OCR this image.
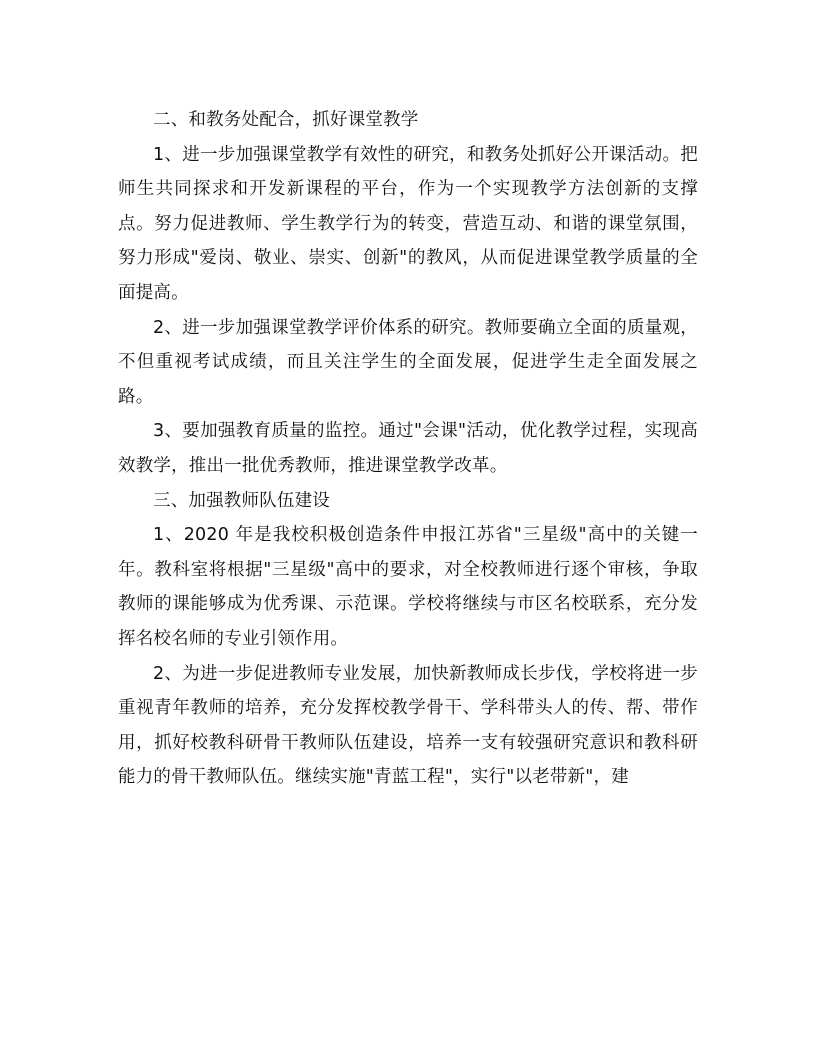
二、和教务处配合，抓好课堂教学

1、进一步加强课堂教学有效性的研究，和教务处抓好公开课活动。把师生共同探求和开发新课程的平台，作为一个实现教学方法创新的支撑点。努力促进教师、学生教学行为的转变，营造互动、和谐的课堂氛围，努力形成"爱岗、敬业、崇实、创新"的教风，从而促进课堂教学质量的全面提高。

2、进一步加强课堂教学评价体系的研究。教师要确立全面的质量观，不但重视考试成绩，而且关注学生的全面发展，促进学生走全面发展之路。

3、要加强教育质量的监控。通过"会课"活动，优化教学过程，实现高效教学，推出一批优秀教师，推进课堂教学改革。

三、加强教师队伍建设

1、2020 年是我校积极创造条件申报江苏省"三星级"高中的关键一年。教科室将根据"三星级"高中的要求，对全校教师进行逐个审核，争取教师的课能够成为优秀课、示范课。学校将继续与市区名校联系，充分发挥名校名师的专业引领作用。

2、为进一步促进教师专业发展，加快新教师成长步伐，学校将进一步重视青年教师的培养，充分发挥校教学骨干、学科带头人的传、帮、带作用，抓好校教科研骨干教师队伍建设，培养一支有较强研究意识和教科研能力的骨干教师队伍。继续实施"青蓝工程"，实行"以老带新"，建
